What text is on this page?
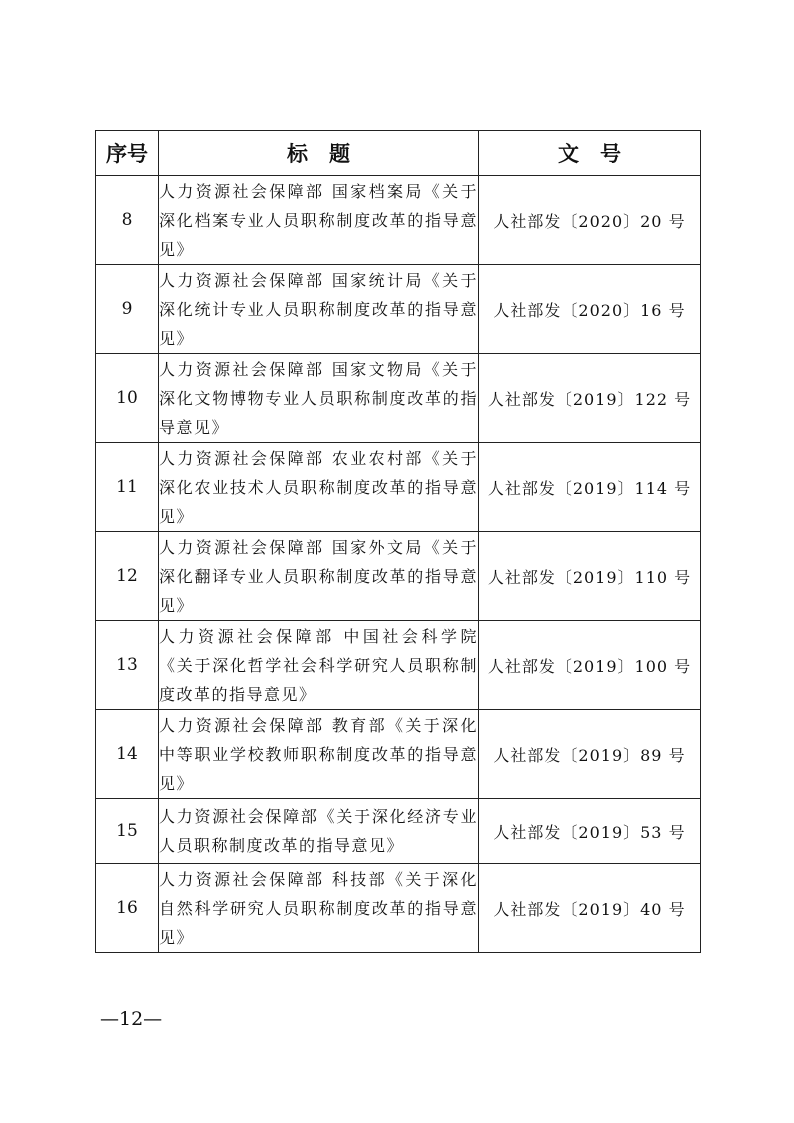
序号	标　题	文　号
8	人力资源社会保障部 国家档案局《关于深化档案专业人员职称制度改革的指导意见》	人社部发〔2020〕20 号
9	人力资源社会保障部 国家统计局《关于深化统计专业人员职称制度改革的指导意见》	人社部发〔2020〕16 号
10	人力资源社会保障部 国家文物局《关于深化文物博物专业人员职称制度改革的指导意见》	人社部发〔2019〕122 号
11	人力资源社会保障部 农业农村部《关于深化农业技术人员职称制度改革的指导意见》	人社部发〔2019〕114 号
12	人力资源社会保障部 国家外文局《关于深化翻译专业人员职称制度改革的指导意见》	人社部发〔2019〕110 号
13	人力资源社会保障部 中国社会科学院《关于深化哲学社会科学研究人员职称制度改革的指导意见》	人社部发〔2019〕100 号
14	人力资源社会保障部 教育部《关于深化中等职业学校教师职称制度改革的指导意见》	人社部发〔2019〕89 号
15	人力资源社会保障部《关于深化经济专业人员职称制度改革的指导意见》	人社部发〔2019〕53 号
16	人力资源社会保障部 科技部《关于深化自然科学研究人员职称制度改革的指导意见》	人社部发〔2019〕40 号
—12—
